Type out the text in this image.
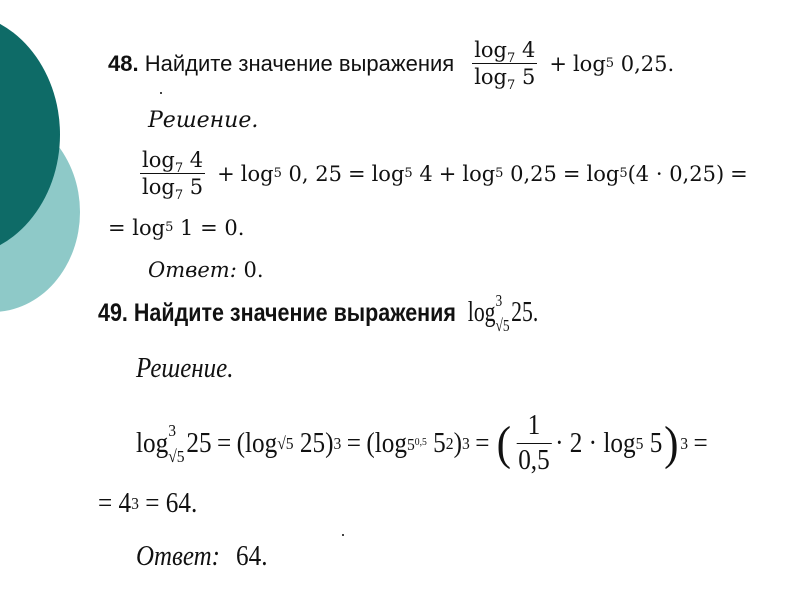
48.
Найдите значение выражения $\frac{\log_7 4}{\log_7 5} + \log 5$
0,25.
Решение.
$\frac{\log_7 4}{\log_7 5} + \log 5$
0, 25 = log 5
4 + log 5
0,25 = log 5 (4 · 0,25) =
= log 5
1 = 0.
Ответ:
0.
49.
Найдите значение выражения log 3
√5 25.
Решение.
log 3
√5 25 = ( log √5
25 ) 3 = ( log 5$^{0,5}$
5 2 ) 3 = ( $\frac{1}{0,5} \cdot 2$ ·
log 5
5 ) 3 =
= 4 3
= 64.
Ответ: 64.
